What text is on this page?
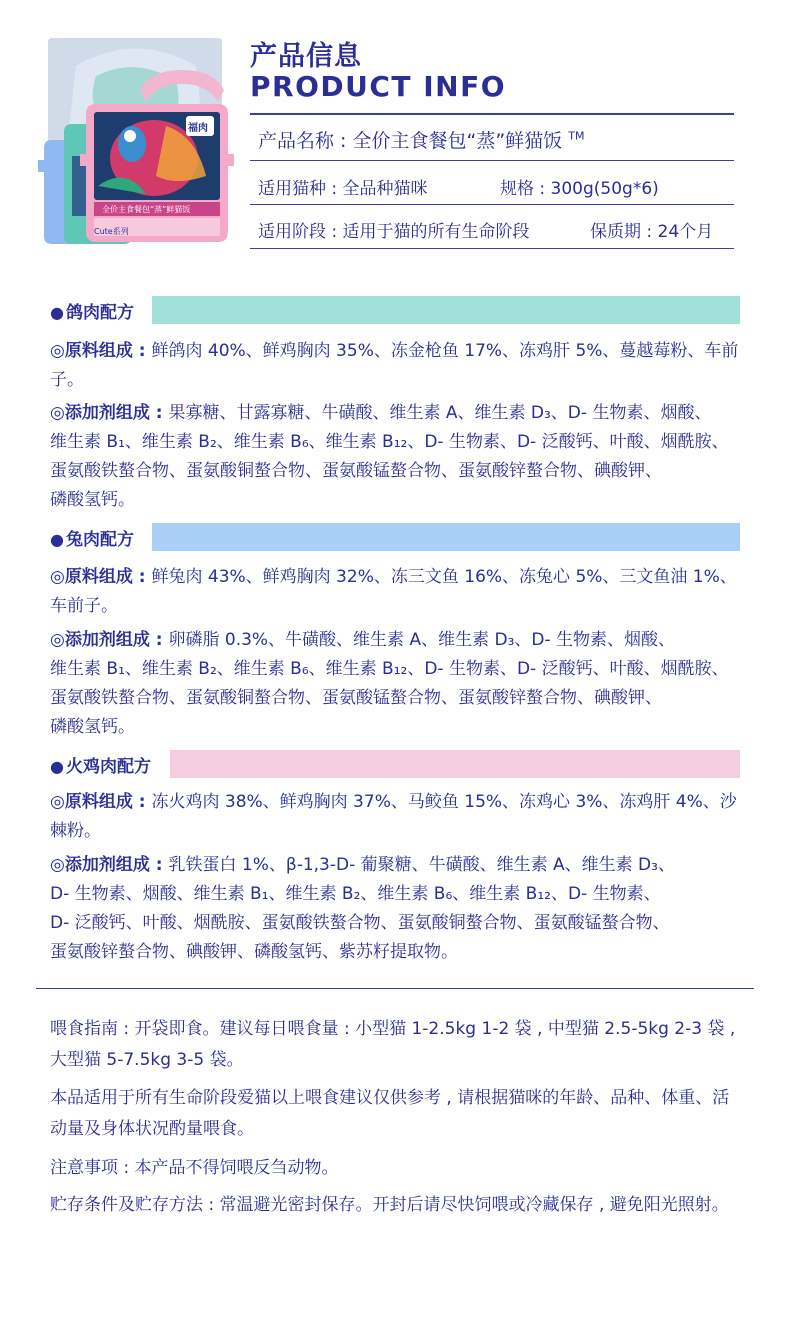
Cute系列
福肉
全价主食餐包“蒸”鲜猫饭
产品信息
PRODUCT INFO
产品名称 : 全价主食餐包“蒸”鲜猫饭 ™
适用猫种 : 全品种猫咪	规格 : 300g(50g*6)
适用阶段 : 适用于猫的所有生命阶段	保质期 : 24个月
● 鸽肉配方
◎原料组成 : 鲜鸽肉 40%、鲜鸡胸肉 35%、冻金枪鱼 17%、冻鸡肝 5%、蔓越莓粉、车前子。
◎添加剂组成 : 果寡糖、甘露寡糖、牛磺酸、维生素 A、维生素 D₃、D- 生物素、烟酸、
维生素 B₁、维生素 B₂、维生素 B₆、维生素 B₁₂、D- 生物素、D- 泛酸钙、叶酸、烟酰胺、
蛋氨酸铁螯合物、蛋氨酸铜螯合物、蛋氨酸锰螯合物、蛋氨酸锌螯合物、碘酸钾、
磷酸氢钙。
● 兔肉配方
◎原料组成 : 鲜兔肉 43%、鲜鸡胸肉 32%、冻三文鱼 16%、冻兔心 5%、三文鱼油 1%、车前子。
◎添加剂组成 : 卵磷脂 0.3%、牛磺酸、维生素 A、维生素 D₃、D- 生物素、烟酸、
维生素 B₁、维生素 B₂、维生素 B₆、维生素 B₁₂、D- 生物素、D- 泛酸钙、叶酸、烟酰胺、
蛋氨酸铁螯合物、蛋氨酸铜螯合物、蛋氨酸锰螯合物、蛋氨酸锌螯合物、碘酸钾、
磷酸氢钙。
● 火鸡肉配方
◎原料组成 : 冻火鸡肉 38%、鲜鸡胸肉 37%、马鲛鱼 15%、冻鸡心 3%、冻鸡肝 4%、沙棘粉。
◎添加剂组成 : 乳铁蛋白 1%、β-1,3-D- 葡聚糖、牛磺酸、维生素 A、维生素 D₃、
D- 生物素、烟酸、维生素 B₁、维生素 B₂、维生素 B₆、维生素 B₁₂、D- 生物素、
D- 泛酸钙、叶酸、烟酰胺、蛋氨酸铁螯合物、蛋氨酸铜螯合物、蛋氨酸锰螯合物、
蛋氨酸锌螯合物、碘酸钾、磷酸氢钙、紫苏籽提取物。
喂食指南 : 开袋即食。建议每日喂食量 : 小型猫 1-2.5kg 1-2 袋 , 中型猫 2.5-5kg 2-3 袋 , 大型猫 5-7.5kg 3-5 袋。
本品适用于所有生命阶段爱猫以上喂食建议仅供参考 , 请根据猫咪的年龄、品种、体重、活动量及身体状况酌量喂食。
注意事项 : 本产品不得饲喂反刍动物。
贮存条件及贮存方法 : 常温避光密封保存。开封后请尽快饲喂或冷藏保存 , 避免阳光照射。
